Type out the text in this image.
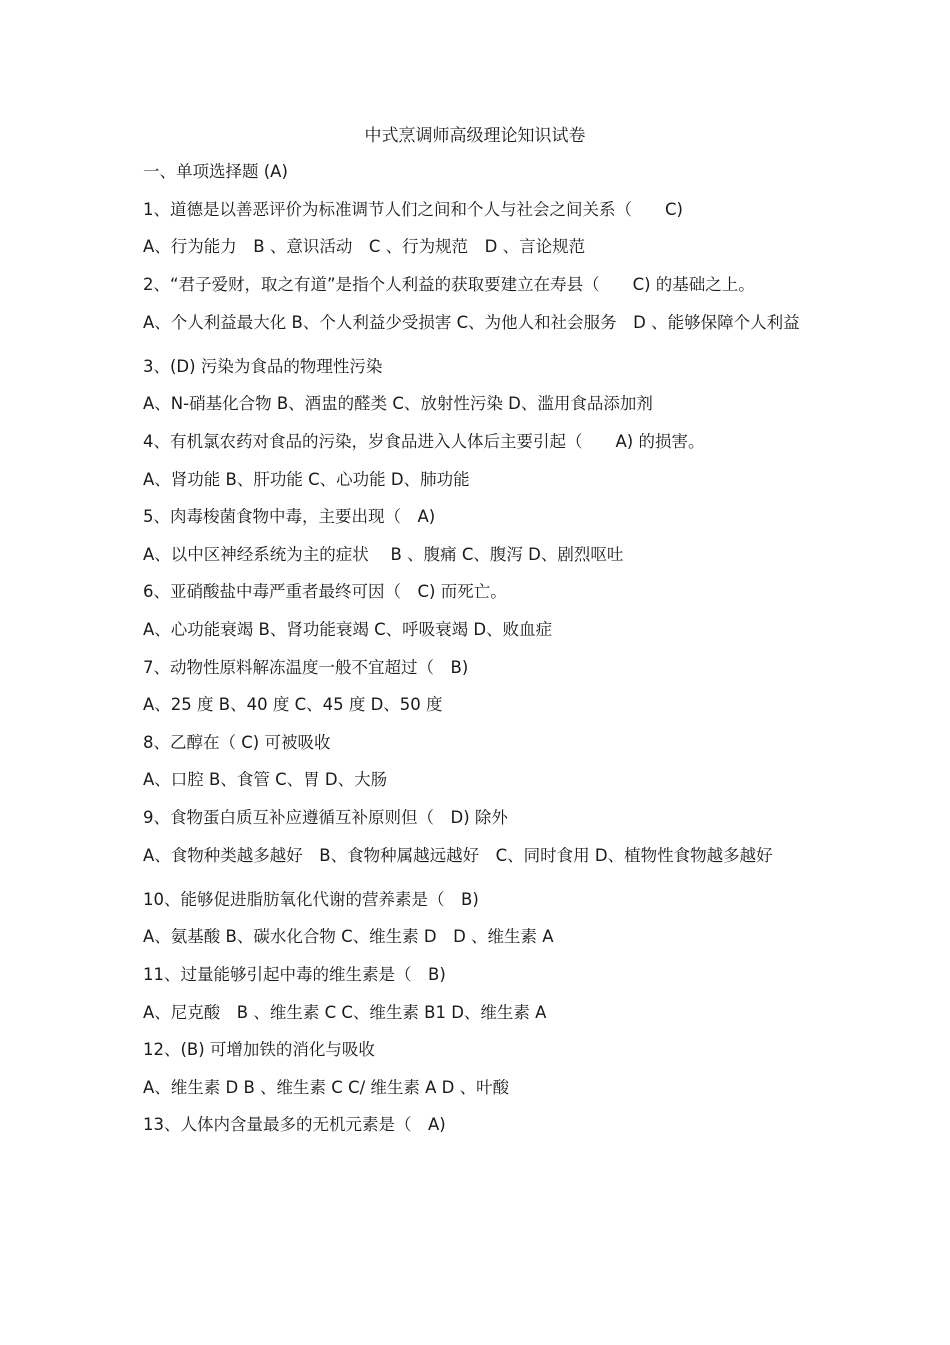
中式烹调师高级理论知识试卷
一、单项选择题 (A)
1、道德是以善恶评价为标准调节人们之间和个人与社会之间关系（　　C)
A、行为能力　B 、意识活动　C 、行为规范　D 、言论规范
2、“君子爱财，取之有道”是指个人利益的获取要建立在寿县（　　C) 的基础之上。
A、个人利益最大化 B、个人利益少受损害 C、为他人和社会服务　D 、能够保障个人利益
3、(D) 污染为食品的物理性污染
A、N-硝基化合物 B、酒盅的醛类 C、放射性污染 D、滥用食品添加剂
4、有机氯农药对食品的污染，岁食品进入人体后主要引起（　　A) 的损害。
A、肾功能 B、肝功能 C、心功能 D、肺功能
5、肉毒梭菌食物中毒，主要出现（　A)
A、以中区神经系统为主的症状　 B 、腹痛 C、腹泻 D、剧烈呕吐
6、亚硝酸盐中毒严重者最终可因（　C) 而死亡。
A、心功能衰竭 B、肾功能衰竭 C、呼吸衰竭 D、败血症
7、动物性原料解冻温度一般不宜超过（　B)
A、25 度 B、40 度 C、45 度 D、50 度
8、乙醇在（ C) 可被吸收
A、口腔 B、食管 C、胃 D、大肠
9、食物蛋白质互补应遵循互补原则但（　D) 除外
A、食物种类越多越好　B、食物种属越远越好　C、同时食用 D、植物性食物越多越好
10、能够促进脂肪氧化代谢的营养素是（　B)
A、氨基酸 B、碳水化合物 C、维生素 D　D 、维生素 A
11、过量能够引起中毒的维生素是（　B)
A、尼克酸　B 、维生素 C C、维生素 B1 D、维生素 A
12、(B) 可增加铁的消化与吸收
A、维生素 D B 、维生素 C C/ 维生素 A D 、叶酸
13、人体内含量最多的无机元素是（　A)
